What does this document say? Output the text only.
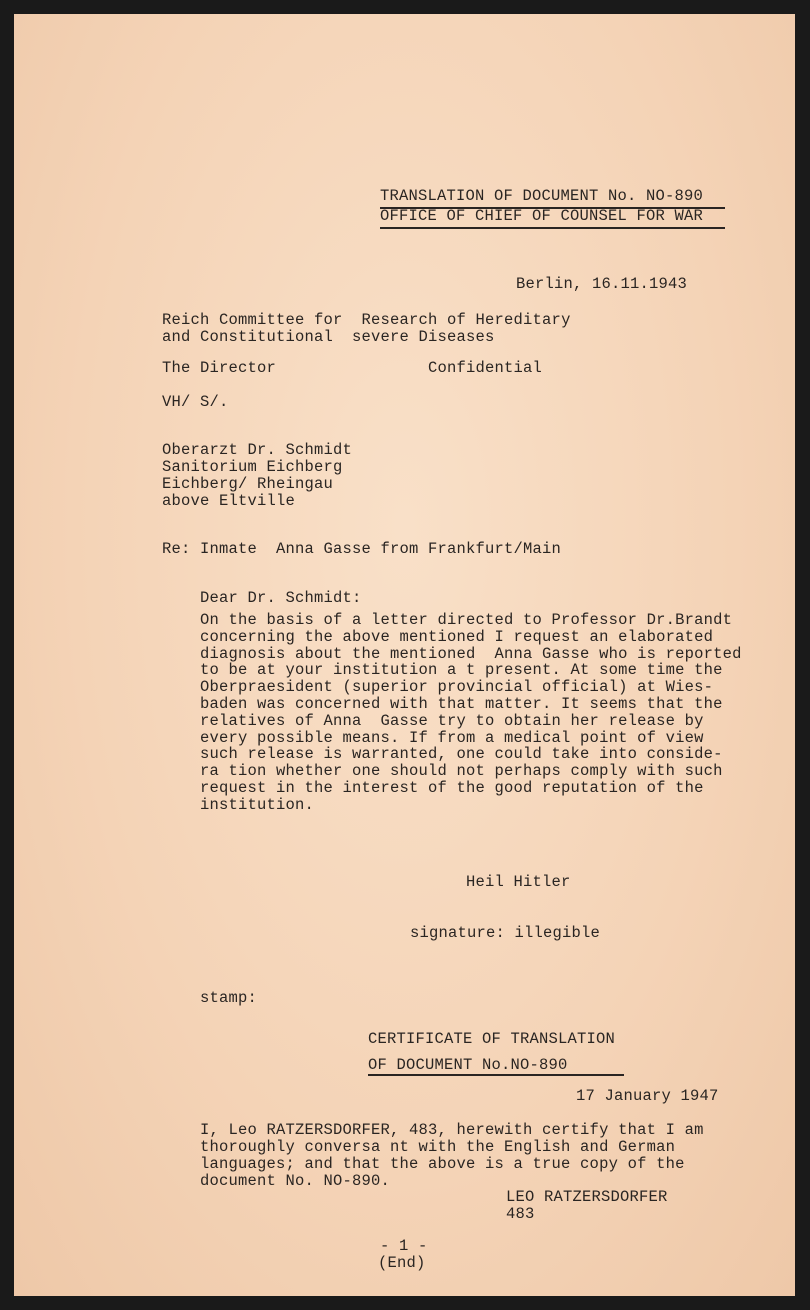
TRANSLATION OF DOCUMENT No. NO-890
OFFICE OF CHIEF OF COUNSEL FOR WAR
Berlin, 16.11.1943
Reich Committee for  Research of Hereditary
and Constitutional  severe Diseases
The Director	Confidential
VH/ S/.
Oberarzt Dr. Schmidt
Sanitorium Eichberg
Eichberg/ Rheingau
above Eltville
Re: Inmate  Anna Gasse from Frankfurt/Main
Dear Dr. Schmidt:
On the basis of a letter directed to Professor Dr.Brandt
concerning the above mentioned I request an elaborated
diagnosis about the mentioned  Anna Gasse who is reported
to be at your institution a t present. At some time the
Oberpraesident (superior provincial official) at Wies-
baden was concerned with that matter. It seems that the
relatives of Anna  Gasse try to obtain her release by
every possible means. If from a medical point of view
such release is warranted, one could take into conside-
ra tion whether one should not perhaps comply with such
request in the interest of the good reputation of the
institution.
Heil Hitler
signature: illegible
stamp:
CERTIFICATE OF TRANSLATION
OF DOCUMENT No.NO-890
17 January 1947
I, Leo RATZERSDORFER, 483, herewith certify that I am
thoroughly conversa nt with the English and German
languages; and that the above is a true copy of the
document No. NO-890.
LEO RATZERSDORFER
483
- 1 -
(End)
